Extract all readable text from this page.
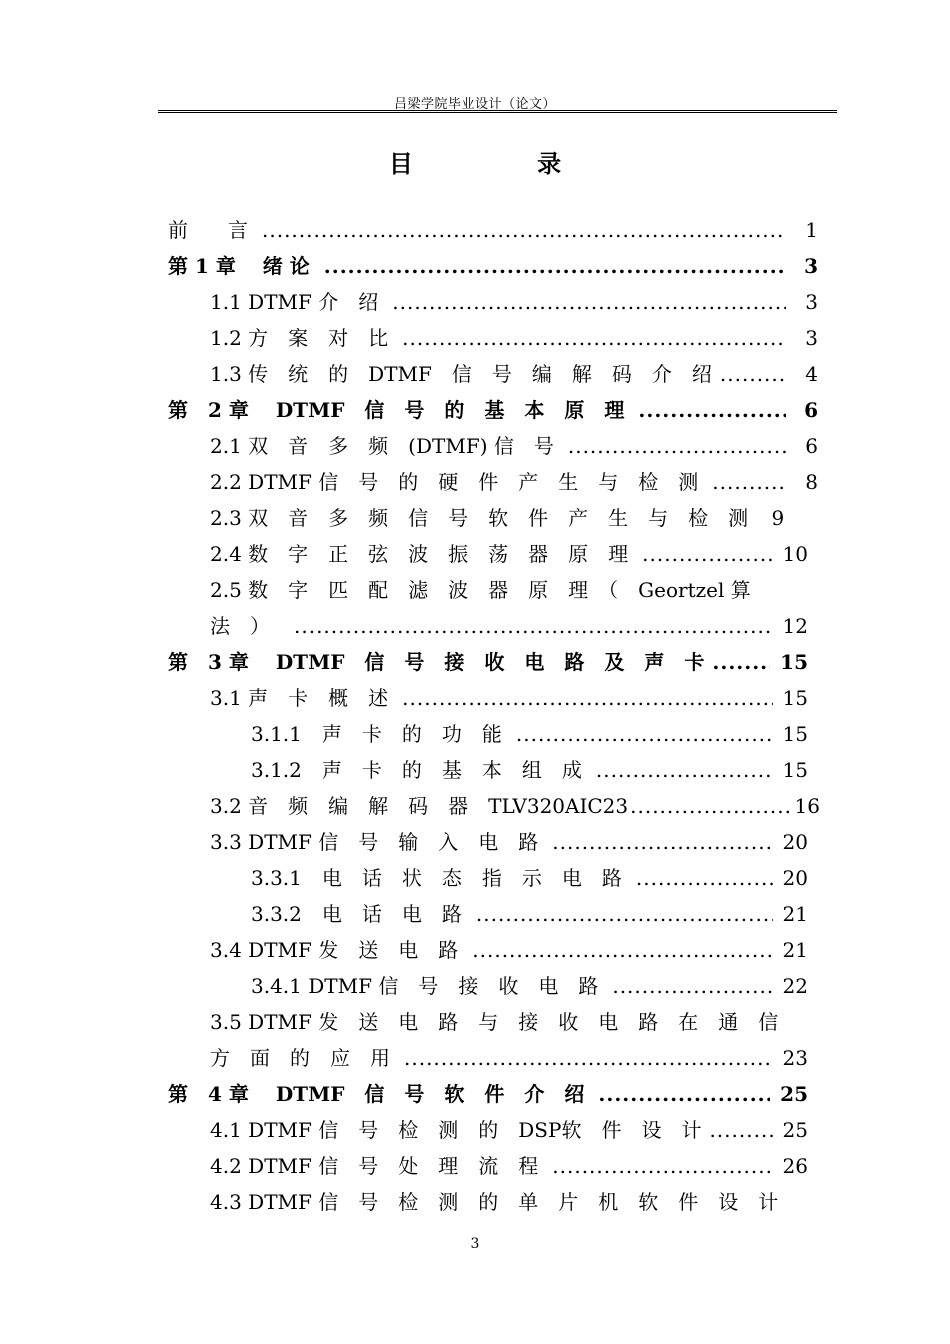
吕梁学院毕业设计（论文）
目 录
前　　言 .....	1
第 1 章　 绪 论 .....	3
1.1 DTMF 介　绍 .....	3
1.2 方　案　对　比 .....	3
1.3 传　统　的　DTMF　信　号　编　解　码　介　绍 .....	4
第　2 章　 DTMF　信　号　的　基　本　原　理 .....	6
2.1 双　音　多　频　(DTMF) 信　号 .....	6
2.2 DTMF 信　号　的　硬　件　产　生　与　检　测 .....	8
2.3 双　音　多　频　信　号　软　件　产　生　与　检　测	9
2.4 数　字　正　弦　波　振　荡　器　原　理 .....	10
2.5 数　字　匹　配　滤　波　器　原　理　（　Geortzel 算
法　） .....	12
第　3 章　 DTMF　信　号　接　收　电　路　及　声　卡 .....	15
3.1 声　卡　概　述 .....	15
3.1.1　声　卡　的　功　能 .....	15
3.1.2　声　卡　的　基　本　组　成 .....	15
3.2 音　频　编　解　码　器　TLV320AIC23 .....	16
3.3 DTMF 信　号　输　入　电　路 .....	20
3.3.1　电　话　状　态　指　示　电　路 .....	20
3.3.2　电　话　电　路 .....	21
3.4 DTMF 发　送　电　路 .....	21
3.4.1 DTMF 信　号　接　收　电　路 .....	22
3.5 DTMF 发　送　电　路　与　接　收　电　路　在　通　信
方　面　的　应　用 .....	23
第　4 章　 DTMF　信　号　软　件　介　绍 .....	25
4.1 DTMF 信　号　检　测　的　DSP软　件　设　计 .....	25
4.2 DTMF 信　号　处　理　流　程 .....	26
4.3 DTMF 信　号　检　测　的　单　片　机　软　件　设　计
3
